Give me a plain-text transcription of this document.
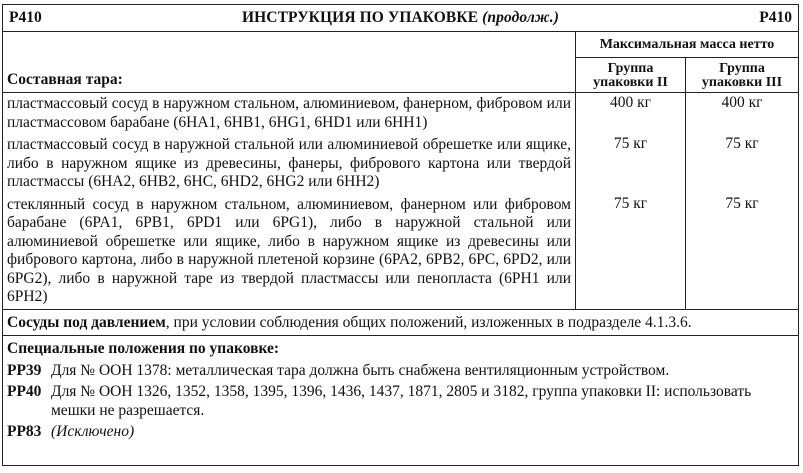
P410	ИНСТРУКЦИЯ ПО УПАКОВКЕ (продолж.)	P410
Составная тара:
Максимальная масса нетто
Группа
упаковки II
Группа
упаковки III
пластмассовый сосуд в наружном стальном, алюминиевом, фанерном, фибровом или пластмассовом барабане (6HA1, 6HB1, 6HG1, 6HD1 или 6HH1)
400 кг	400 кг
пластмассовый сосуд в наружной стальной или алюминиевой обрешетке или ящике, либо в наружном ящике из древесины, фанеры, фибрового картона или твердой пластмассы (6HA2, 6HB2, 6HC, 6HD2, 6HG2 или 6HH2)
75 кг	75 кг
стеклянный сосуд в наружном стальном, алюминиевом, фанерном или фибровом барабане (6PA1, 6PB1, 6PD1 или 6PG1), либо в наружной стальной или алюминиевой обрешетке или ящике, либо в наружном ящике из древесины или фибрового картона, либо в наружной плетеной корзине (6PA2, 6PB2, 6PC, 6PD2, или 6PG2), либо в наружной таре из твердой пластмассы или пенопласта (6PH1 или 6PH2)
75 кг	75 кг
Сосуды под давлением, при условии соблюдения общих положений, изложенных в подразделе 4.1.3.6.
Специальные положения по упаковке:
PP39 Для № ООН 1378: металлическая тара должна быть снабжена вентиляционным устройством.
PP40 Для № ООН 1326, 1352, 1358, 1395, 1396, 1436, 1437, 1871, 2805 и 3182, группа упаковки II: использовать мешки не разрешается.
PP83 (Исключено)
